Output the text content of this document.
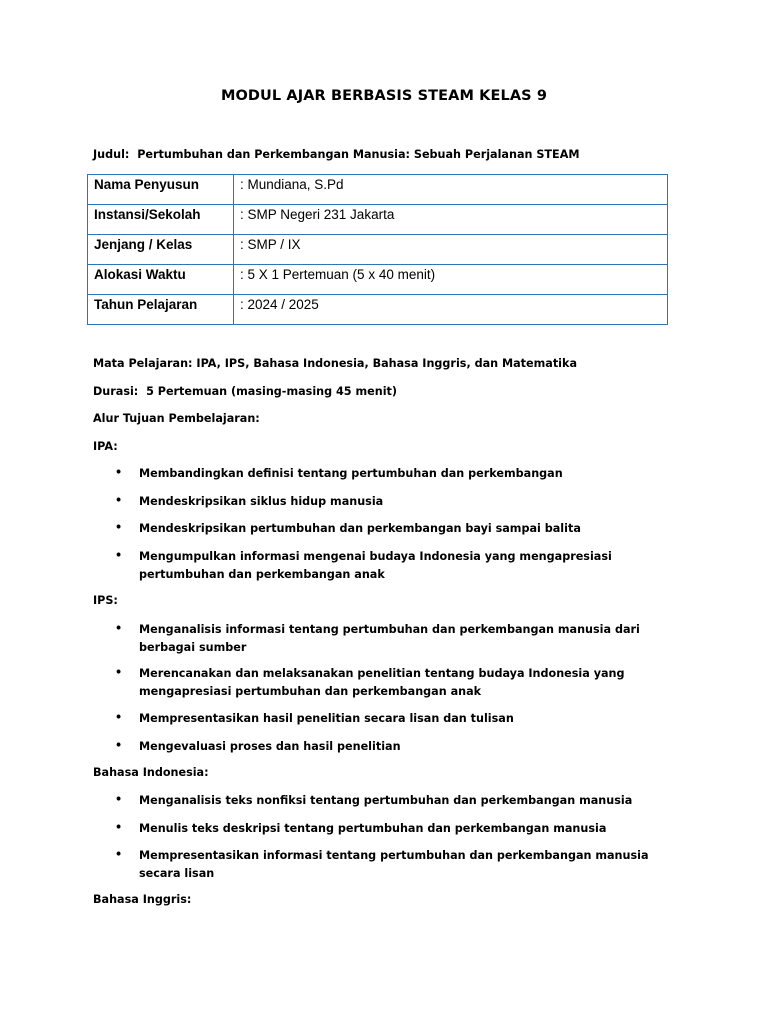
MODUL AJAR BERBASIS STEAM KELAS 9
Judul:  Pertumbuhan dan Perkembangan Manusia: Sebuah Perjalanan STEAM
Nama Penyusun	: Mundiana, S.Pd
Instansi/Sekolah	: SMP Negeri 231 Jakarta
Jenjang / Kelas	: SMP / IX
Alokasi Waktu	: 5 X 1 Pertemuan (5 x 40 menit)
Tahun Pelajaran	: 2024 / 2025
Mata Pelajaran: IPA, IPS, Bahasa Indonesia, Bahasa Inggris, dan Matematika
Durasi:  5 Pertemuan (masing-masing 45 menit)
Alur Tujuan Pembelajaran:
IPA:
• Membandingkan definisi tentang pertumbuhan dan perkembangan
• Mendeskripsikan siklus hidup manusia
• Mendeskripsikan pertumbuhan dan perkembangan bayi sampai balita
• Mengumpulkan informasi mengenai budaya Indonesia yang mengapresiasi pertumbuhan dan perkembangan anak
IPS:
• Menganalisis informasi tentang pertumbuhan dan perkembangan manusia dari berbagai sumber
• Merencanakan dan melaksanakan penelitian tentang budaya Indonesia yang mengapresiasi pertumbuhan dan perkembangan anak
• Mempresentasikan hasil penelitian secara lisan dan tulisan
• Mengevaluasi proses dan hasil penelitian
Bahasa Indonesia:
• Menganalisis teks nonfiksi tentang pertumbuhan dan perkembangan manusia
• Menulis teks deskripsi tentang pertumbuhan dan perkembangan manusia
• Mempresentasikan informasi tentang pertumbuhan dan perkembangan manusia secara lisan
Bahasa Inggris:
